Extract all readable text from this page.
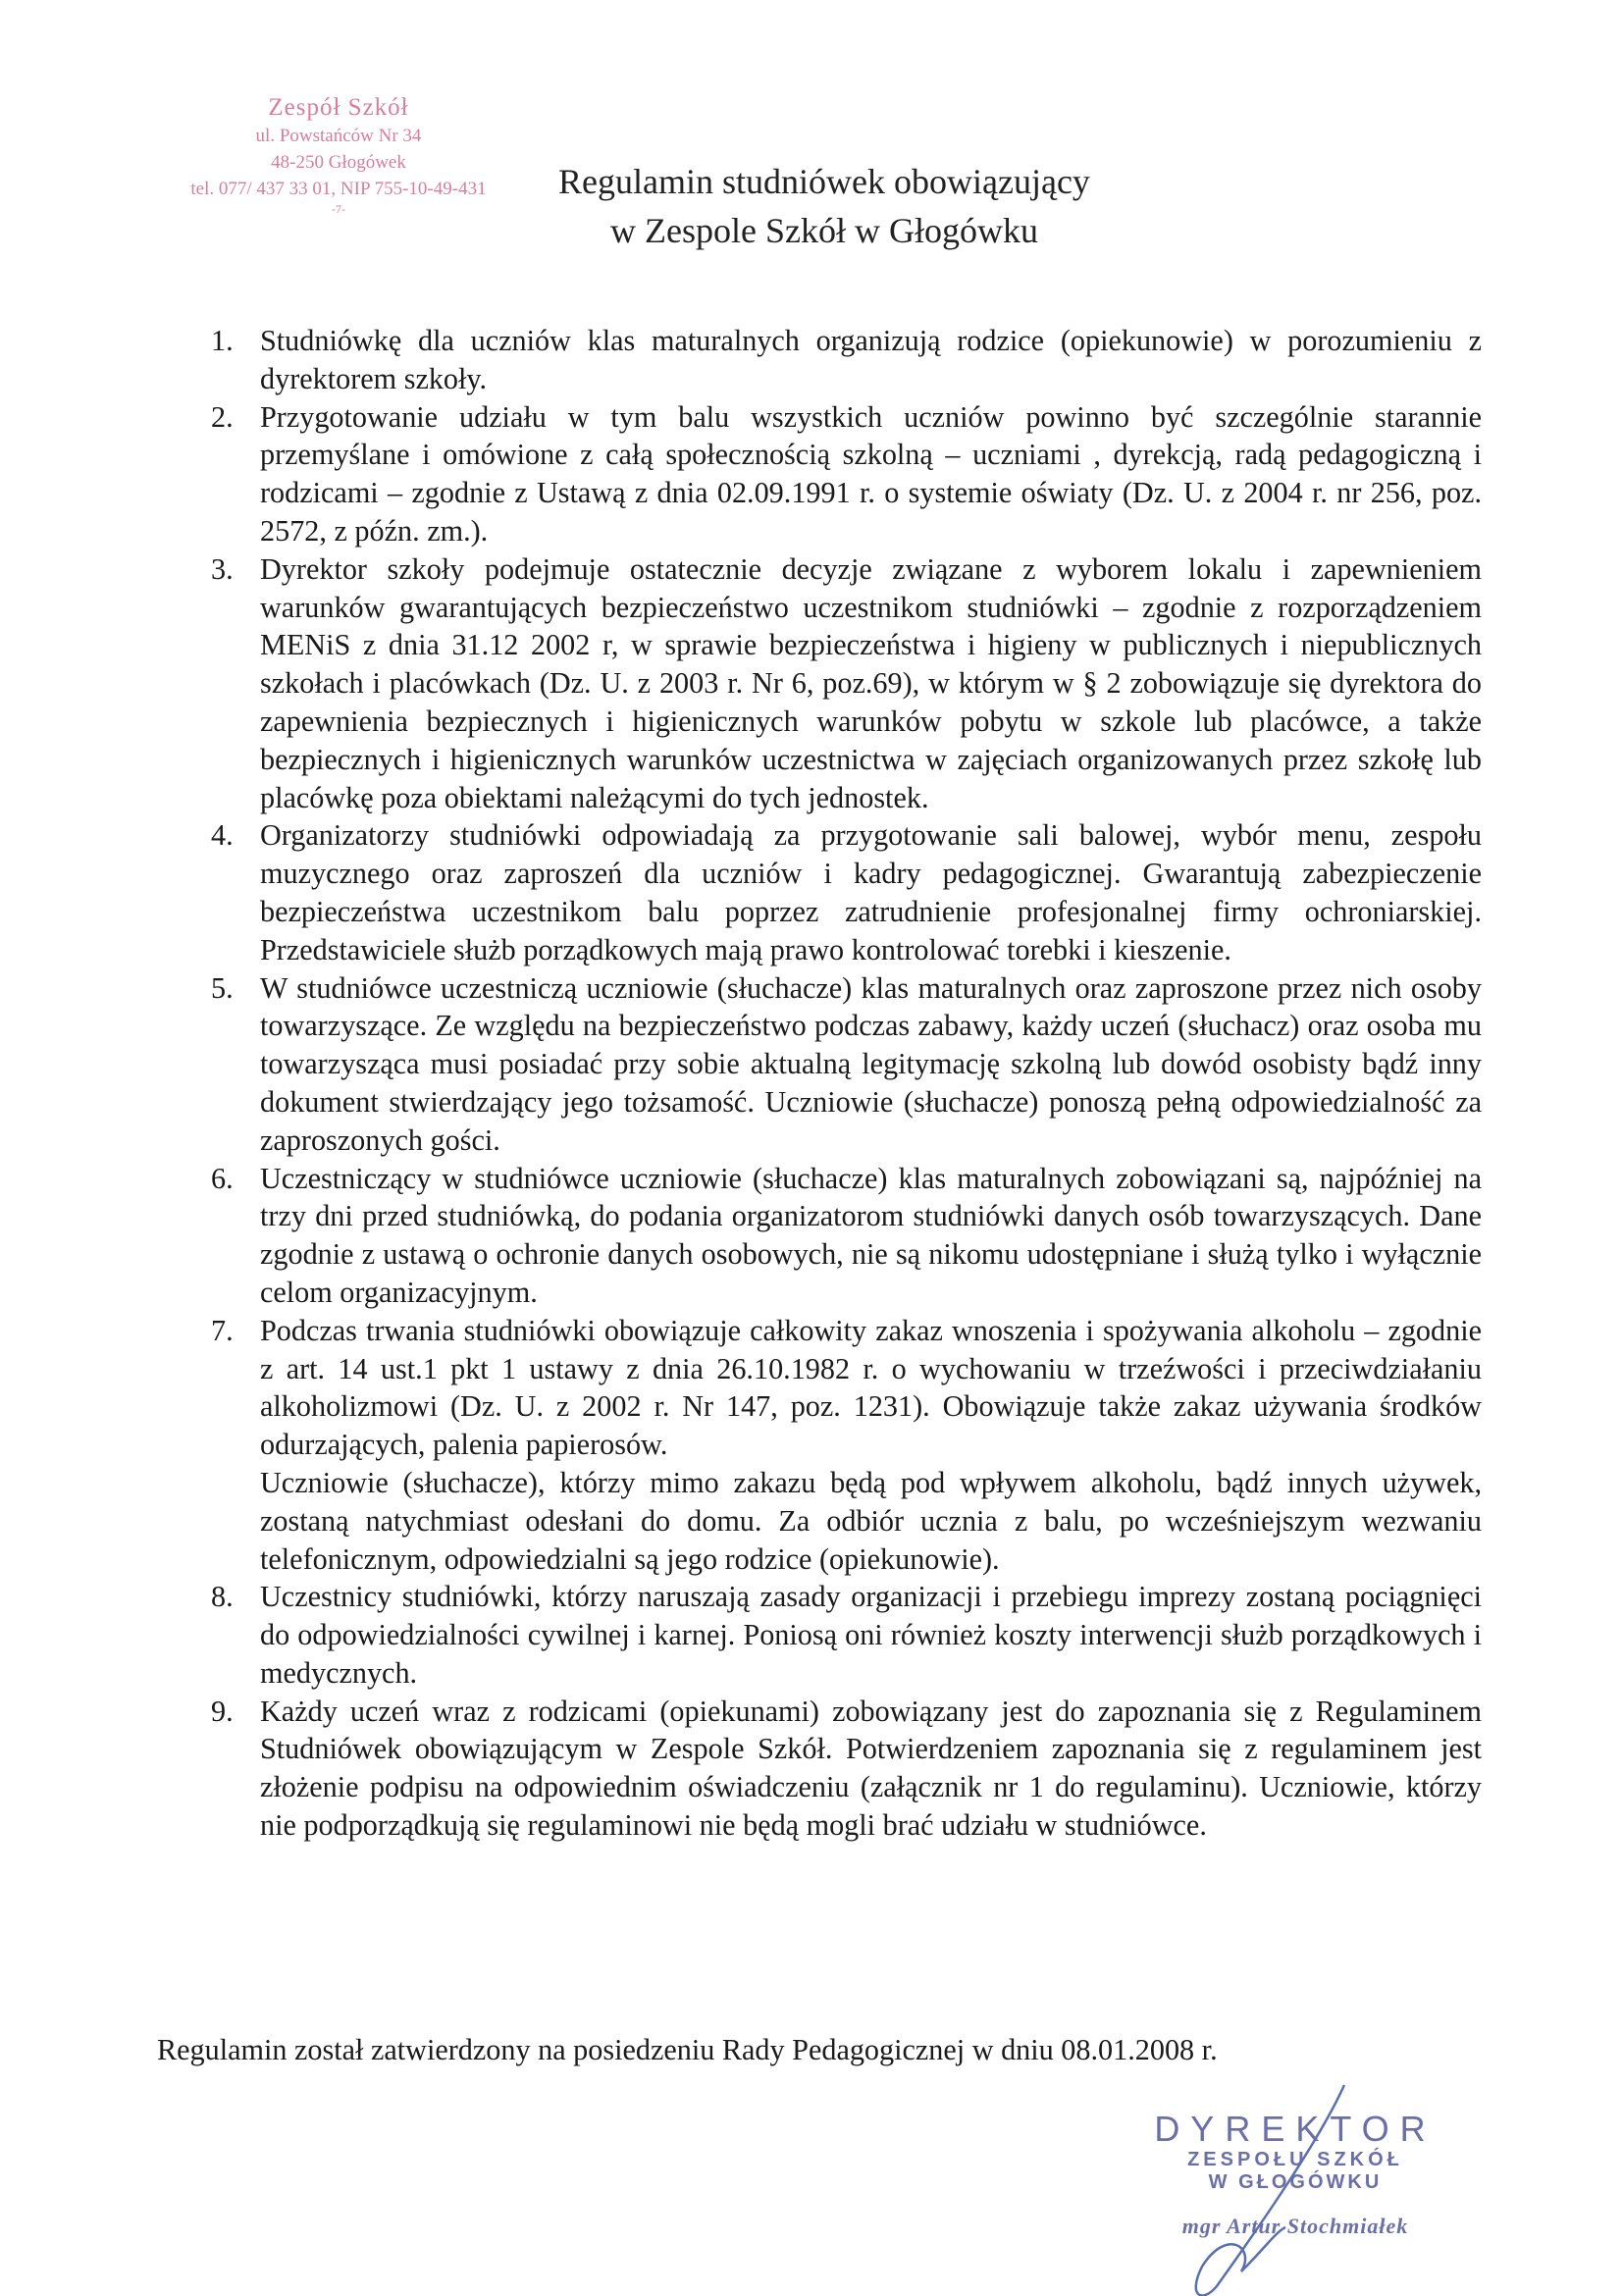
Zespół Szkół
ul. Powstańców Nr 34
48-250 Głogówek
tel. 077/ 437 33 01, NIP 755-10-49-431
-7-
Regulamin studniówek obowiązujący
w Zespole Szkół w Głogówku
1. Studniówkę dla uczniów klas maturalnych organizują rodzice (opiekunowie) w porozumieniu z dyrektorem szkoły.

2. Przygotowanie udziału w tym balu wszystkich uczniów powinno być szczególnie starannie przemyślane i omówione z całą społecznością szkolną – uczniami , dyrekcją, radą pedagogiczną i rodzicami – zgodnie z Ustawą z dnia 02.09.1991 r. o systemie oświaty (Dz. U. z 2004 r. nr 256, poz. 2572, z późn. zm.).

3. Dyrektor szkoły podejmuje ostatecznie decyzje związane z wyborem lokalu i zapewnieniem warunków gwarantujących bezpieczeństwo uczestnikom studniówki – zgodnie z rozporządzeniem MENiS z dnia 31.12 2002 r, w sprawie bezpieczeństwa i higieny w publicznych i niepublicznych szkołach i placówkach (Dz. U. z 2003 r. Nr 6, poz.69), w którym w § 2 zobowiązuje się dyrektora do zapewnienia bezpiecznych i higienicznych warunków pobytu w szkole lub placówce, a także bezpiecznych i higienicznych warunków uczestnictwa w zajęciach organizowanych przez szkołę lub placówkę poza obiektami należącymi do tych jednostek.

4. Organizatorzy studniówki odpowiadają za przygotowanie sali balowej, wybór menu, zespołu muzycznego oraz zaproszeń dla uczniów i kadry pedagogicznej. Gwarantują zabezpieczenie bezpieczeństwa uczestnikom balu poprzez zatrudnienie profesjonalnej firmy ochroniarskiej. Przedstawiciele służb porządkowych mają prawo kontrolować torebki i kieszenie.

5. W studniówce uczestniczą uczniowie (słuchacze) klas maturalnych oraz zaproszone przez nich osoby towarzyszące. Ze względu na bezpieczeństwo podczas zabawy, każdy uczeń (słuchacz) oraz osoba mu towarzysząca musi posiadać przy sobie aktualną legitymację szkolną lub dowód osobisty bądź inny dokument stwierdzający jego tożsamość. Uczniowie (słuchacze) ponoszą pełną odpowiedzialność za zaproszonych gości.

6. Uczestniczący w studniówce uczniowie (słuchacze) klas maturalnych zobowiązani są, najpóźniej na trzy dni przed studniówką, do podania organizatorom studniówki danych osób towarzyszących. Dane zgodnie z ustawą o ochronie danych osobowych, nie są nikomu udostępniane i służą tylko i wyłącznie celom organizacyjnym.

7. Podczas trwania studniówki obowiązuje całkowity zakaz wnoszenia i spożywania alkoholu – zgodnie z art. 14 ust.1 pkt 1 ustawy z dnia 26.10.1982 r. o wychowaniu w trzeźwości i przeciwdziałaniu alkoholizmowi (Dz. U. z 2002 r. Nr 147, poz. 1231). Obowiązuje także zakaz używania środków odurzających, palenia papierosów.

Uczniowie (słuchacze), którzy mimo zakazu będą pod wpływem alkoholu, bądź innych używek, zostaną natychmiast odesłani do domu. Za odbiór ucznia z balu, po wcześniejszym wezwaniu telefonicznym, odpowiedzialni są jego rodzice (opiekunowie).

8. Uczestnicy studniówki, którzy naruszają zasady organizacji i przebiegu imprezy zostaną pociągnięci do odpowiedzialności cywilnej i karnej. Poniosą oni również koszty interwencji służb porządkowych i medycznych.

9. Każdy uczeń wraz z rodzicami (opiekunami) zobowiązany jest do zapoznania się z Regulaminem Studniówek obowiązującym w Zespole Szkół. Potwierdzeniem zapoznania się z regulaminem jest złożenie podpisu na odpowiednim oświadczeniu (załącznik nr 1 do regulaminu). Uczniowie, którzy nie podporządkują się regulaminowi nie będą mogli brać udziału w studniówce.

Regulamin został zatwierdzony na posiedzeniu Rady Pedagogicznej w dniu 08.01.2008 r.
DYREKTOR
ZESPOŁU SZKÓŁ
W GŁOGÓWKU
mgr Artur Stochmiałek
